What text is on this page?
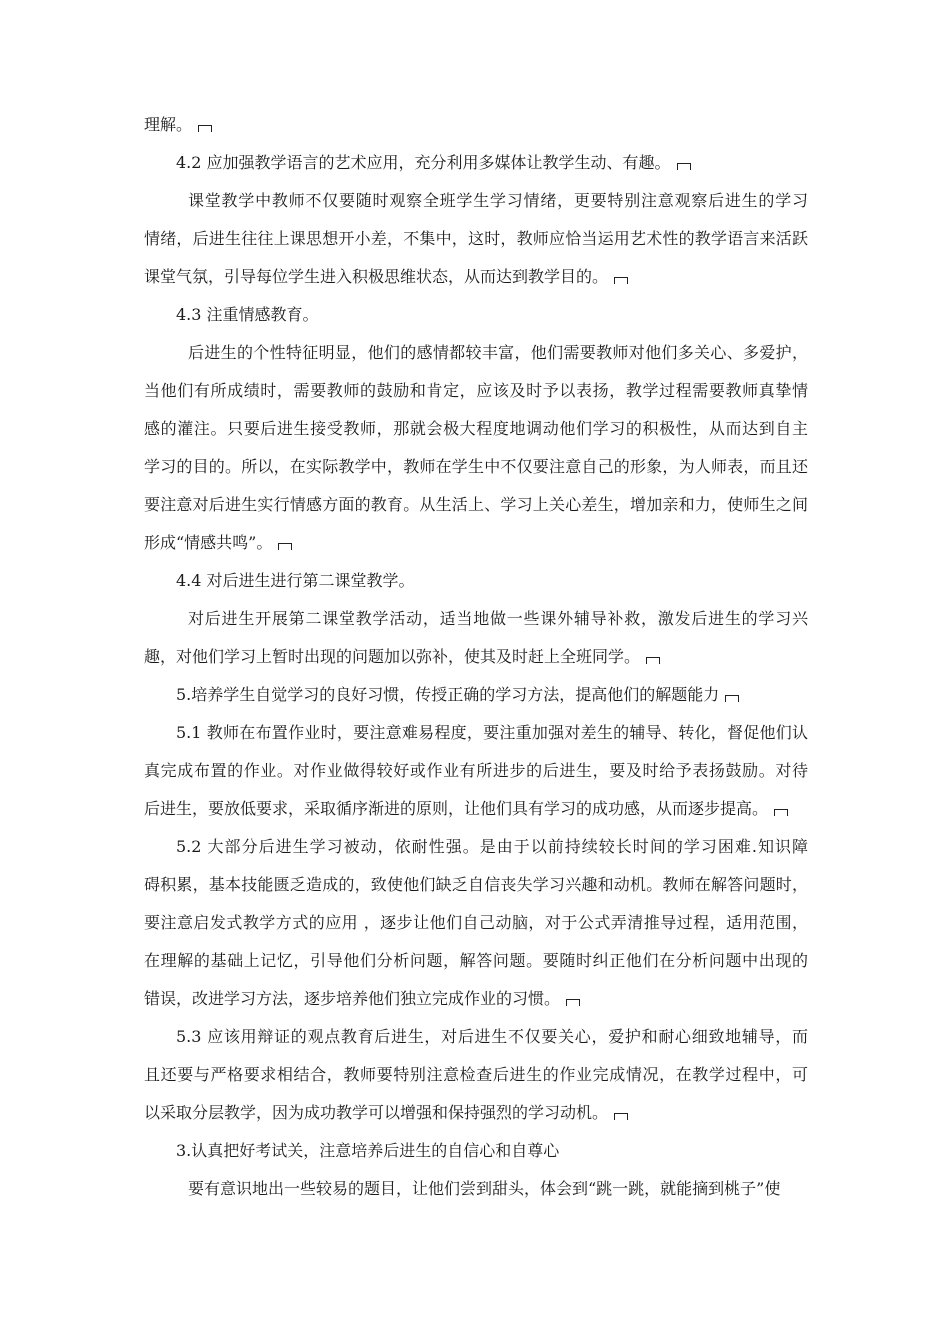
理解。
4.2 应加强教学语言的艺术应用，充分利用多媒体让教学生动、有趣。
课堂教学中教师不仅要随时观察全班学生学习情绪，更要特别注意观察后进生的学习
情绪，后进生往往上课思想开小差，不集中，这时，教师应恰当运用艺术性的教学语言来活跃
课堂气氛，引导每位学生进入积极思维状态，从而达到教学目的。
4.3 注重情感教育。
后进生的个性特征明显，他们的感情都较丰富，他们需要教师对他们多关心、多爱护，
当他们有所成绩时，需要教师的鼓励和肯定，应该及时予以表扬，教学过程需要教师真挚情
感的灌注。只要后进生接受教师，那就会极大程度地调动他们学习的积极性，从而达到自主
学习的目的。所以，在实际教学中，教师在学生中不仅要注意自己的形象，为人师表，而且还
要注意对后进生实行情感方面的教育。从生活上、学习上关心差生，增加亲和力，使师生之间
形成“情感共鸣”。
4.4 对后进生进行第二课堂教学。
对后进生开展第二课堂教学活动，适当地做一些课外辅导补救，激发后进生的学习兴
趣，对他们学习上暂时出现的问题加以弥补，使其及时赶上全班同学。
5.培养学生自觉学习的良好习惯，传授正确的学习方法，提高他们的解题能力
5.1 教师在布置作业时，要注意难易程度，要注重加强对差生的辅导、转化，督促他们认
真完成布置的作业。对作业做得较好或作业有所进步的后进生，要及时给予表扬鼓励。对待
后进生，要放低要求，采取循序渐进的原则，让他们具有学习的成功感，从而逐步提高。
5.2 大部分后进生学习被动，依耐性强。是由于以前持续较长时间的学习困难.知识障
碍积累，基本技能匮乏造成的，致使他们缺乏自信丧失学习兴趣和动机。教师在解答问题时，
要注意启发式教学方式的应用 ，逐步让他们自己动脑，对于公式弄清推导过程，适用范围，
在理解的基础上记忆，引导他们分析问题，解答问题。要随时纠正他们在分析问题中出现的
错误，改进学习方法，逐步培养他们独立完成作业的习惯。
5.3 应该用辩证的观点教育后进生，对后进生不仅要关心，爱护和耐心细致地辅导，而
且还要与严格要求相结合，教师要特别注意检查后进生的作业完成情况，在教学过程中，可
以采取分层教学，因为成功教学可以增强和保持强烈的学习动机。
3.认真把好考试关，注意培养后进生的自信心和自尊心
要有意识地出一些较易的题目，让他们尝到甜头，体会到“跳一跳，就能摘到桃子”使
